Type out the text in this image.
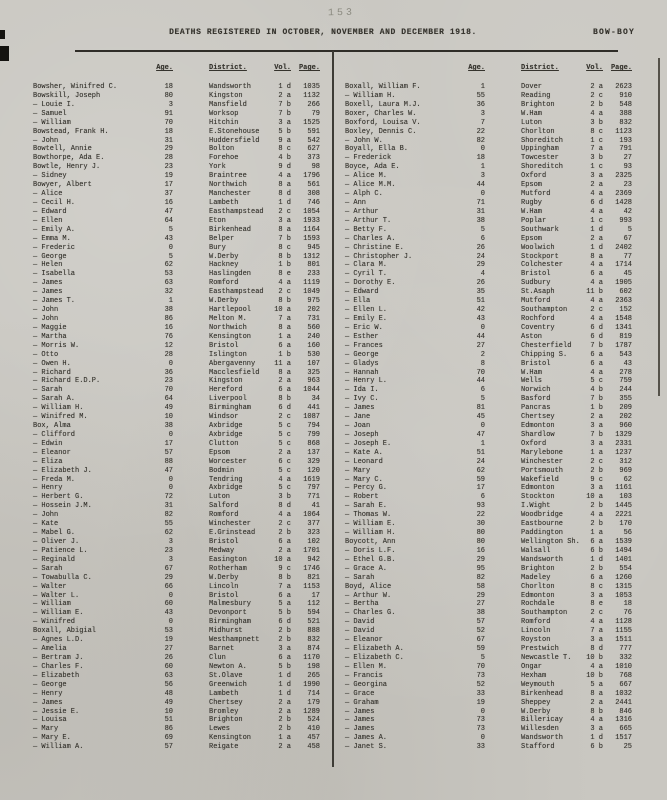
153
DEATHS REGISTERED IN OCTOBER, NOVEMBER AND DECEMBER 1918.	BOW-BOY
Age.	District.	Vol.	Page.
Bowsher, Winifred C.	18	Wandsworth	1 d	1035
Bowskill, Joseph	80	Kingston	2 a	1132
— Louie I.	3	Mansfield	7 b	266
— Samuel	91	Worksop	7 b	79
— William	70	Hitchin	3 a	1525
Bowstead, Frank H.	18	E.Stonehouse	5 b	591
— John	31	Huddersfield	9 a	542
Bowtell, Annie	29	Bolton	8 c	627
Bowthorpe, Ada E.	28	Forehoe	4 b	373
Bowtle, Henry J.	23	York	9 d	98
— Sidney	19	Braintree	4 a	1796
Bowyer, Albert	17	Northwich	8 a	561
— Alice	37	Manchester	8 d	308
— Cecil H.	16	Lambeth	1 d	746
— Edward	47	Easthampstead	2 c	1054
— Ellen	64	Eton	3 a	1933
— Emily A.	5	Birkenhead	8 a	1164
— Emma M.	43	Belper	7 b	1593
— Frederic	0	Bury	8 c	945
— George	5	W.Derby	8 b	1312
— Helen	62	Hackney	1 b	801
— Isabella	53	Haslingden	8 e	233
— James	63	Romford	4 a	1119
— James	32	Easthampstead	2 c	1049
— James T.	1	W.Derby	8 b	975
— John	38	Hartlepool	10 a	202
— John	86	Melton M.	7 a	731
— Maggie	16	Northwich	8 a	560
— Martha	76	Kensington	1 a	240
— Morris W.	12	Bristol	6 a	160
— Otto	28	Islington	1 b	530
— Owen H.	0	Abergavenny	11 a	107
— Richard	36	Macclesfield	8 a	325
— Richard E.D.P.	23	Kingston	2 a	963
— Sarah	70	Hereford	6 a	1044
— Sarah A.	64	Liverpool	8 b	34
— William H.	49	Birmingham	6 d	441
— Winifred M.	10	Windsor	2 c	1087
Box, Alma	38	Axbridge	5 c	794
— Clifford	0	Axbridge	5 c	799
— Edwin	17	Clutton	5 c	868
— Eleanor	57	Epsom	2 a	137
— Eliza	88	Worcester	6 c	329
— Elizabeth J.	47	Bodmin	5 c	120
— Freda M.	0	Tendring	4 a	1619
— Henry	0	Axbridge	5 c	797
— Herbert G.	72	Luton	3 b	771
— Hossein J.M.	31	Salford	8 d	41
— John	82	Romford	4 a	1064
— Kate	55	Winchester	2 c	377
— Mabel G.	62	E.Grinstead	2 b	323
— Oliver J.	3	Bristol	6 a	102
— Patience L.	23	Medway	2 a	1701
— Reginald	3	Easington	10 a	942
— Sarah	67	Rotherham	9 c	1746
— Towabulla C.	29	W.Derby	8 b	821
— Walter	66	Lincoln	7 a	1153
— Walter L.	0	Bristol	6 a	17
— William	60	Malmesbury	5 a	112
— William E.	43	Devonport	5 b	594
— Winifred	0	Birmingham	6 d	521
Boxall, Abigial	53	Midhurst	2 b	888
— Agnes L.D.	19	Westhampnett	2 b	832
— Amelia	27	Barnet	3 a	874
— Bertram J.	26	Clun	6 a	1170
— Charles F.	60	Newton A.	5 b	198
— Elizabeth	63	St.Olave	1 d	265
— George	56	Greenwich	1 d	1990
— Henry	48	Lambeth	1 d	714
— James	49	Chertsey	2 a	179
— Jessie E.	10	Bromley	2 a	1289
— Louisa	51	Brighton	2 b	524
— Mary	86	Lewes	2 b	410
— Mary E.	69	Kensington	1 a	457
— William A.	57	Reigate	2 a	458
Age.	District.	Vol.	Page.
Boxall, William F.	1	Dover	2 a	2623
— William H.	55	Reading	2 c	910
Boxell, Laura M.J.	36	Brighton	2 b	548
Boxer, Charles W.	3	W.Ham	4 a	388
Boxford, Louisa V.	7	Luton	3 b	832
Boxley, Dennis C.	22	Chorlton	8 c	1123
— John W.	82	Shoreditch	1 c	193
Boyall, Ella B.	0	Uppingham	7 a	791
— Frederick	18	Towcester	3 b	27
Boyce, Ada E.	1	Shoreditch	1 c	93
— Alice M.	3	Oxford	3 a	2325
— Alice M.M.	44	Epsom	2 a	23
— Alph C.	0	Mutford	4 a	2369
— Ann	71	Rugby	6 d	1428
— Arthur	31	W.Ham	4 a	42
— Arthur T.	38	Poplar	1 c	993
— Betty F.	5	Southwark	1 d	5
— Charles A.	6	Epsom	2 a	67
— Christine E.	26	Woolwich	1 d	2402
— Christopher J.	24	Stockport	8 a	77
— Clara M.	29	Colchester	4 a	1714
— Cyril T.	4	Bristol	6 a	45
— Dorothy E.	26	Sudbury	4 a	1905
— Edward	35	St.Asaph	11 b	602
— Ella	51	Mutford	4 a	2363
— Ellen L.	42	Southampton	2 c	152
— Emily E.	43	Rochford	4 a	1548
— Eric W.	0	Coventry	6 d	1341
— Esther	44	Aston	6 d	819
— Frances	27	Chesterfield	7 b	1787
— George	2	Chipping S.	6 a	543
— Gladys	8	Bristol	6 a	43
— Hannah	70	W.Ham	4 a	278
— Henry L.	44	Wells	5 c	759
— Ida I.	6	Norwich	4 b	244
— Ivy C.	5	Basford	7 b	355
— James	81	Pancras	1 b	209
— Jane	45	Chertsey	2 a	202
— Joan	0	Edmonton	3 a	960
— Joseph	47	Shardlow	7 b	1329
— Joseph E.	1	Oxford	3 a	2331
— Kate A.	51	Marylebone	1 a	1237
— Leonard	24	Winchester	2 c	312
— Mary	62	Portsmouth	2 b	969
— Mary C.	59	Wakefield	9 c	62
— Percy G.	17	Edmonton	3 a	1161
— Robert	6	Stockton	10 a	103
— Sarah E.	93	I.Wight	2 b	1445
— Thomas W.	22	Woodbridge	4 a	2221
— William E.	30	Eastbourne	2 b	170
— William H.	80	Paddington	1 a	56
Boycott, Ann	80	Wellington Sh.	6 a	1539
— Doris L.F.	16	Walsall	6 b	1494
— Ethel G.B.	29	Wandsworth	1 d	1401
— Grace A.	95	Brighton	2 b	554
— Sarah	82	Madeley	6 a	1260
Boyd, Alice	58	Chorlton	8 c	1315
— Arthur W.	29	Edmonton	3 a	1053
— Bertha	27	Rochdale	8 e	18
— Charles G.	38	Southampton	2 c	76
— David	57	Romford	4 a	1128
— David	52	Lincoln	7 a	1155
— Eleanor	67	Royston	3 a	1511
— Elizabeth A.	59	Prestwich	8 d	777
— Elizabeth C.	5	Newcastle T.	10 b	332
— Ellen M.	70	Ongar	4 a	1010
— Francis	73	Hexham	10 b	768
— Georgina	52	Weymouth	5 a	667
— Grace	33	Birkenhead	8 a	1032
— Graham	19	Sheppey	2 a	2441
— James	0	W.Derby	8 b	846
— James	73	Billericay	4 a	1316
— James	73	Willesden	3 a	665
— James A.	0	Wandsworth	1 d	1517
— Janet S.	33	Stafford	6 b	25
